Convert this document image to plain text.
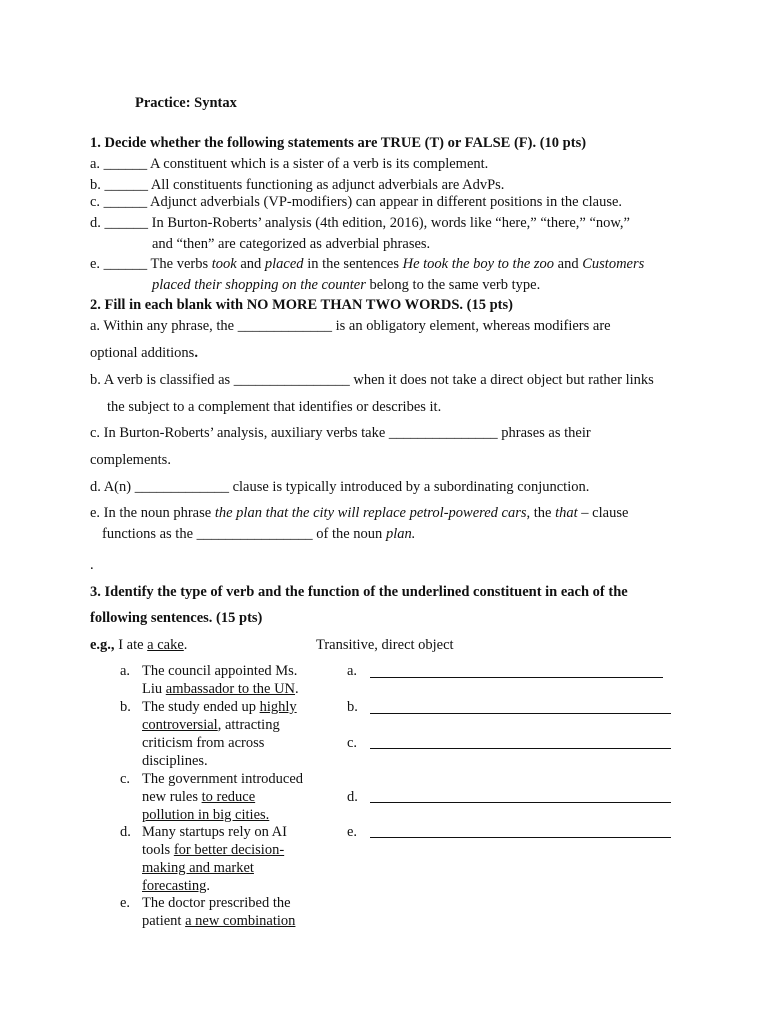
Practice: Syntax
1. Decide whether the following statements are TRUE (T) or FALSE (F). (10 pts)
a. ______ A constituent which is a sister of a verb is its complement.
b. ______ All constituents functioning as adjunct adverbials are AdvPs.
c. ______ Adjunct adverbials (VP-modifiers) can appear in different positions in the clause.
d. ______ In Burton-Roberts’ analysis (4th edition, 2016), words like “here,” “there,” “now,”
and “then” are categorized as adverbial phrases.
e. ______ The verbs took and placed in the sentences He took the boy to the zoo and Customers
placed their shopping on the counter belong to the same verb type.
2. Fill in each blank with NO MORE THAN TWO WORDS. (15 pts)
a. Within any phrase, the _____________ is an obligatory element, whereas modifiers are
optional additions.
b. A verb is classified as ________________ when it does not take a direct object but rather links
the subject to a complement that identifies or describes it.
c. In Burton-Roberts’ analysis, auxiliary verbs take _______________ phrases as their
complements.
d. A(n) _____________ clause is typically introduced by a subordinating conjunction.
e. In the noun phrase the plan that the city will replace petrol-powered cars, the that – clause
functions as the ________________ of the noun plan.
.
3. Identify the type of verb and the function of the underlined constituent in each of the
following sentences. (15 pts)
e.g., I ate a cake.	Transitive, direct object
a. The council appointed Ms.
Liu ambassador to the UN.
b. The study ended up highly
controversial, attracting
criticism from across
disciplines.
c. The government introduced
new rules to reduce
pollution in big cities.
d. Many startups rely on AI
tools for better decision-
making and market
forecasting.
e. The doctor prescribed the
patient a new combination
a.
b.
c.
d.
e.
